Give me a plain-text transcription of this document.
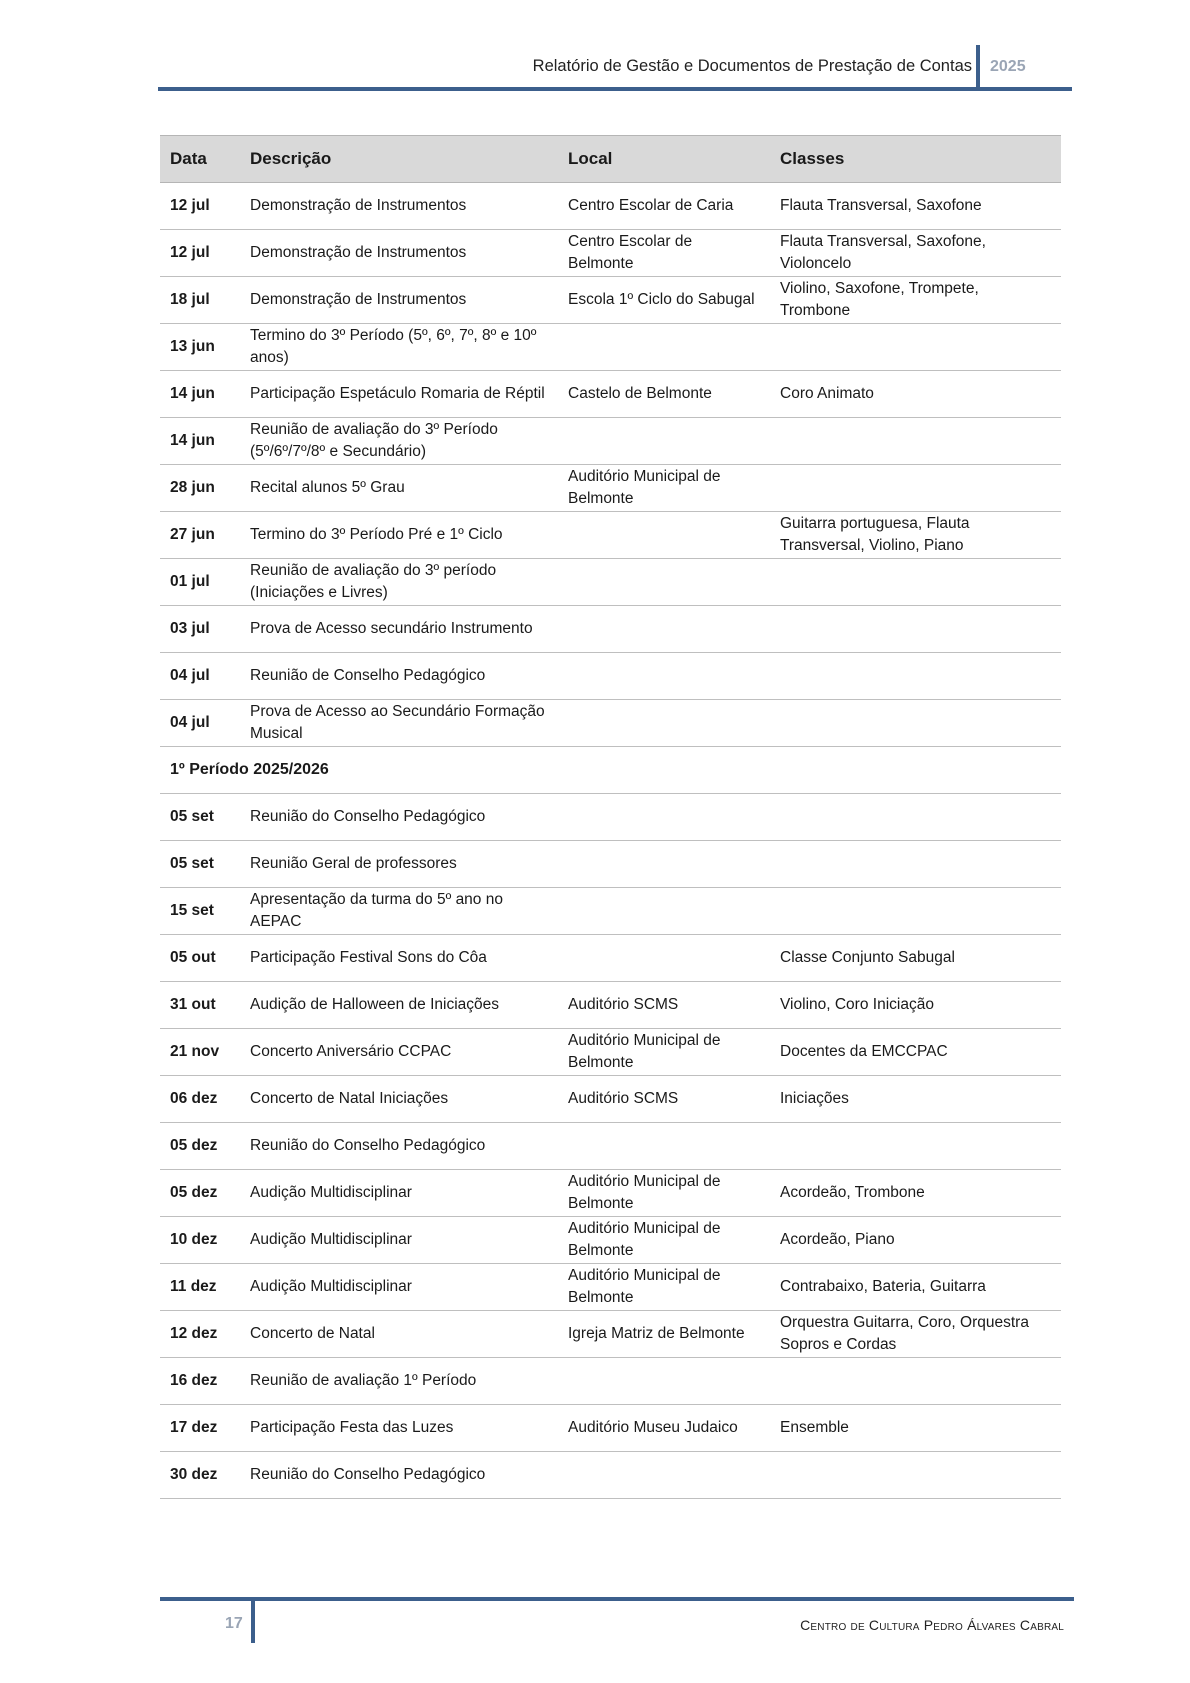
Relatório de Gestão e Documentos de Prestação de Contas 2025
Data	Descrição	Local	Classes
12 jul	Demonstração de Instrumentos	Centro Escolar de Caria	Flauta Transversal, Saxofone
12 jul	Demonstração de Instrumentos	Centro Escolar de Belmonte	Flauta Transversal, Saxofone, Violoncelo
18 jul	Demonstração de Instrumentos	Escola 1º Ciclo do Sabugal	Violino, Saxofone, Trompete, Trombone
13 jun	Termino do 3º Período (5º, 6º, 7º, 8º e 10º anos)		
14 jun	Participação Espetáculo Romaria de Réptil	Castelo de Belmonte	Coro Animato
14 jun	Reunião de avaliação do 3º Período (5º/6º/7º/8º e Secundário)		
28 jun	Recital alunos 5º Grau	Auditório Municipal de Belmonte	
27 jun	Termino do 3º Período Pré e 1º Ciclo		Guitarra portuguesa, Flauta Transversal, Violino, Piano
01 jul	Reunião de avaliação do 3º período (Iniciações e Livres)		
03 jul	Prova de Acesso secundário Instrumento		
04 jul	Reunião de Conselho Pedagógico		
04 jul	Prova de Acesso ao Secundário Formação Musical		
1º Período 2025/2026			
05 set	Reunião do Conselho Pedagógico		
05 set	Reunião Geral de professores		
15 set	Apresentação da turma do 5º ano no AEPAC		
05 out	Participação Festival Sons do Côa		Classe Conjunto Sabugal
31 out	Audição de Halloween de Iniciações	Auditório SCMS	Violino, Coro Iniciação
21 nov	Concerto Aniversário CCPAC	Auditório Municipal de Belmonte	Docentes da EMCCPAC
06 dez	Concerto de Natal Iniciações	Auditório SCMS	Iniciações
05 dez	Reunião do Conselho Pedagógico		
05 dez	Audição Multidisciplinar	Auditório Municipal de Belmonte	Acordeão, Trombone
10 dez	Audição Multidisciplinar	Auditório Municipal de Belmonte	Acordeão, Piano
11 dez	Audição Multidisciplinar	Auditório Municipal de Belmonte	Contrabaixo, Bateria, Guitarra
12 dez	Concerto de Natal	Igreja Matriz de Belmonte	Orquestra Guitarra, Coro, Orquestra Sopros e Cordas
16 dez	Reunião de avaliação 1º Período		
17 dez	Participação Festa das Luzes	Auditório Museu Judaico	Ensemble
30 dez	Reunião do Conselho Pedagógico		
17	Centro de Cultura Pedro Álvares Cabral
